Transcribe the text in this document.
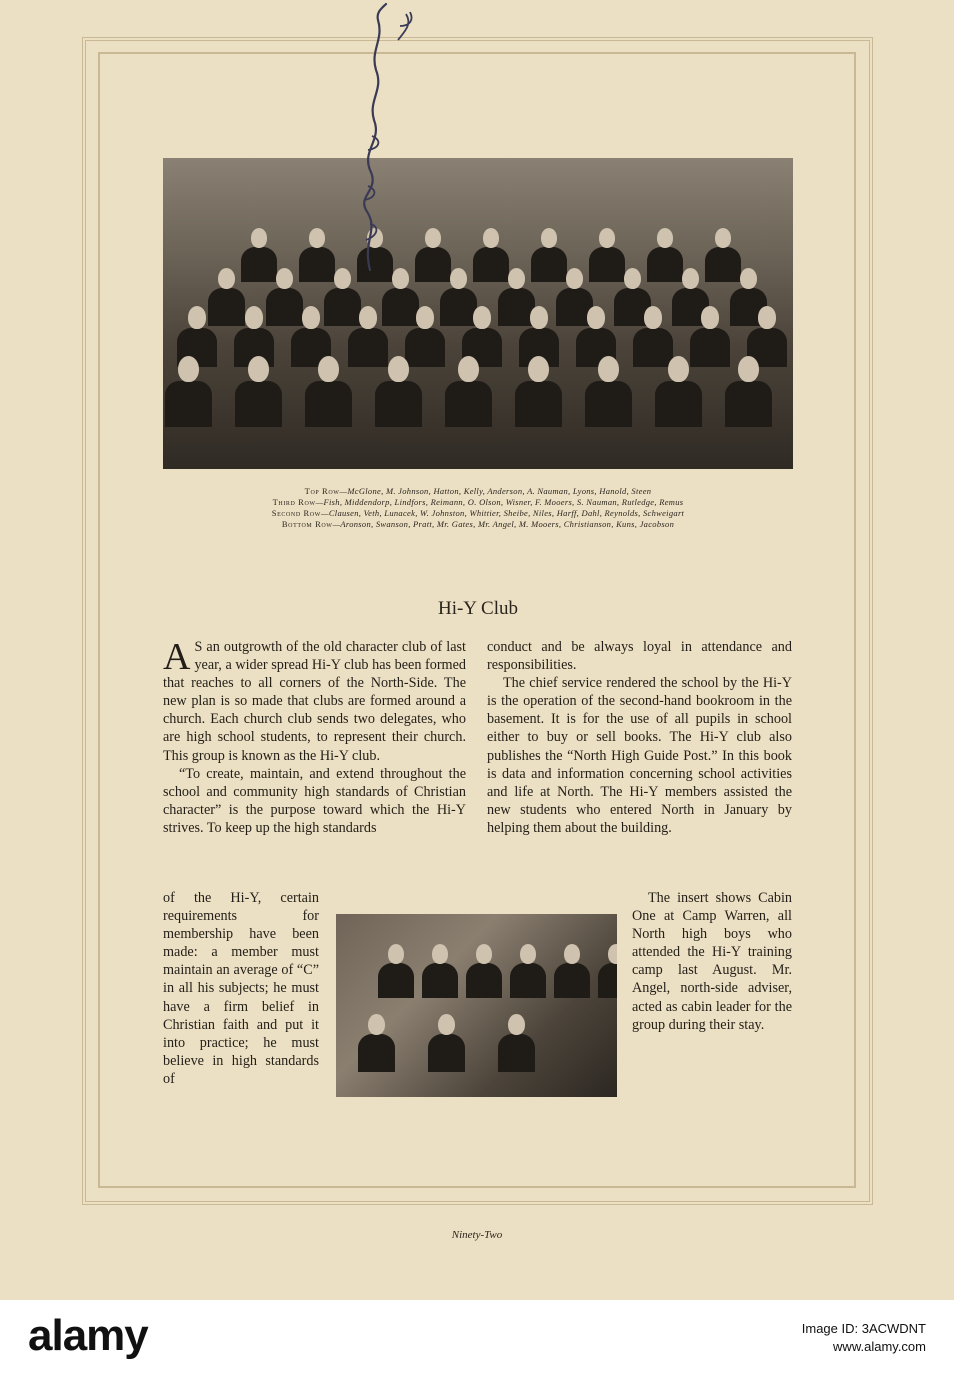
Top Row—McGlone, M. Johnson, Hatton, Kelly, Anderson, A. Nauman, Lyons, Hanold, Steen
Third Row—Fish, Middendorp, Lindfors, Reimann, O. Olson, Wisner, F. Mooers, S. Nauman, Rutledge, Remus
Second Row—Clausen, Veth, Lunacek, W. Johnston, Whittier, Sheibe, Niles, Harff, Dahl, Reynolds, Schweigart
Bottom Row—Aronson, Swanson, Pratt, Mr. Gates, Mr. Angel, M. Mooers, Christianson, Kuns, Jacobson
Hi-Y Club

A S an outgrowth of the old character club of last year, a wider spread Hi-Y club has been formed that reaches to all corners of the North-Side. The new plan is so made that clubs are formed around a church. Each church club sends two delegates, who are high school students, to represent their church. This group is known as the Hi-Y club.

“To create, maintain, and extend throughout the school and community high standards of Christian character” is the purpose toward which the Hi-Y strives. To keep up the high standards

conduct and be always loyal in attendance and responsibilities.

The chief service rendered the school by the Hi-Y is the operation of the second-hand bookroom in the basement. It is for the use of all pupils in school either to buy or sell books. The Hi-Y club also publishes the “North High Guide Post.” In this book is data and information concerning school activities and life at North. The Hi-Y members assisted the new students who entered North in January by helping them about the building.

of the Hi-Y, certain requirements for membership have been made: a member must maintain an average of “C” in all his subjects; he must have a firm belief in Christian faith and put it into practice; he must believe in high standards of

The insert shows Cabin One at Camp Warren, all North high boys who attended the Hi-Y training camp last August. Mr. Angel, north-side adviser, acted as cabin leader for the group during their stay.

Ninety-Two
alamy	Image ID: 3ACWDNT
www.alamy.com
